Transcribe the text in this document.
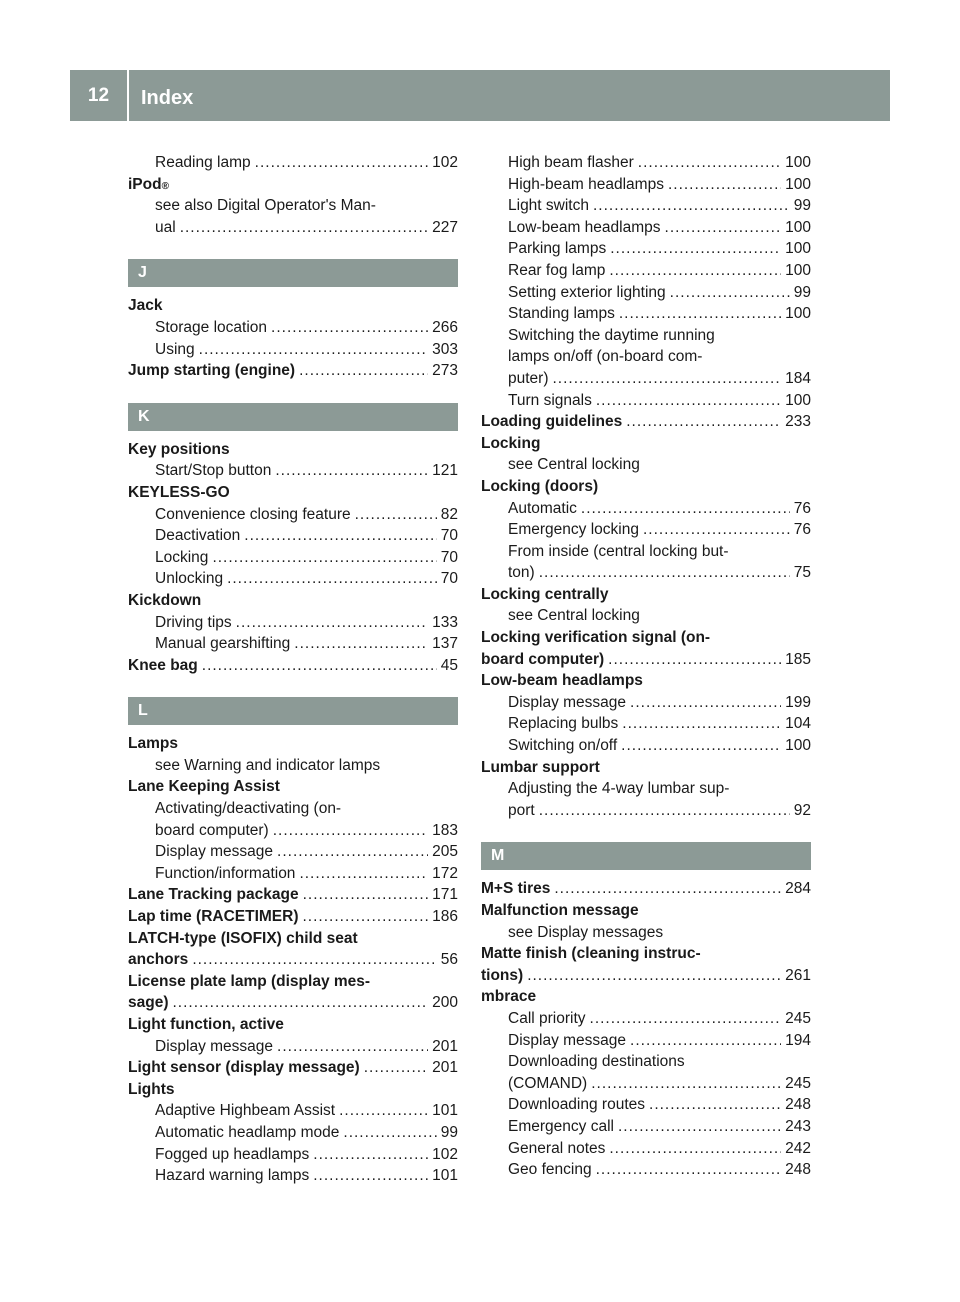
12	Index
Reading lamp .....	102
iPod ®
see also Digital Operator's Man-
ual .....	227
J
Jack
Storage location .....	266
Using .....	303
Jump starting (engine) .....	273
K
Key positions
Start/Stop button .....	121
KEYLESS-GO
Convenience closing feature .....	82
Deactivation .....	70
Locking .....	70
Unlocking .....	70
Kickdown
Driving tips .....	133
Manual gearshifting .....	137
Knee bag .....	45
L
Lamps
see Warning and indicator lamps
Lane Keeping Assist
Activating/deactivating (on-
board computer) .....	183
Display message .....	205
Function/information .....	172
Lane Tracking package .....	171
Lap time (RACETIMER) .....	186
LATCH-type (ISOFIX) child seat
anchors .....	56
License plate lamp (display mes-
sage) .....	200
Light function, active
Display message .....	201
Light sensor (display message) .....	201
Lights
Adaptive Highbeam Assist .....	101
Automatic headlamp mode .....	99
Fogged up headlamps .....	102
Hazard warning lamps .....	101
High beam flasher .....	100
High-beam headlamps .....	100
Light switch .....	99
Low-beam headlamps .....	100
Parking lamps .....	100
Rear fog lamp .....	100
Setting exterior lighting .....	99
Standing lamps .....	100
Switching the daytime running
lamps on/off (on-board com-
puter) .....	184
Turn signals .....	100
Loading guidelines .....	233
Locking
see Central locking
Locking (doors)
Automatic .....	76
Emergency locking .....	76
From inside (central locking but-
ton) .....	75
Locking centrally
see Central locking
Locking verification signal (on-
board computer) .....	185
Low-beam headlamps
Display message .....	199
Replacing bulbs .....	104
Switching on/off .....	100
Lumbar support
Adjusting the 4-way lumbar sup-
port .....	92
M
M+S tires .....	284
Malfunction message
see Display messages
Matte finish (cleaning instruc-
tions) .....	261
mbrace
Call priority .....	245
Display message .....	194
Downloading destinations
(COMAND) .....	245
Downloading routes .....	248
Emergency call .....	243
General notes .....	242
Geo fencing .....	248
